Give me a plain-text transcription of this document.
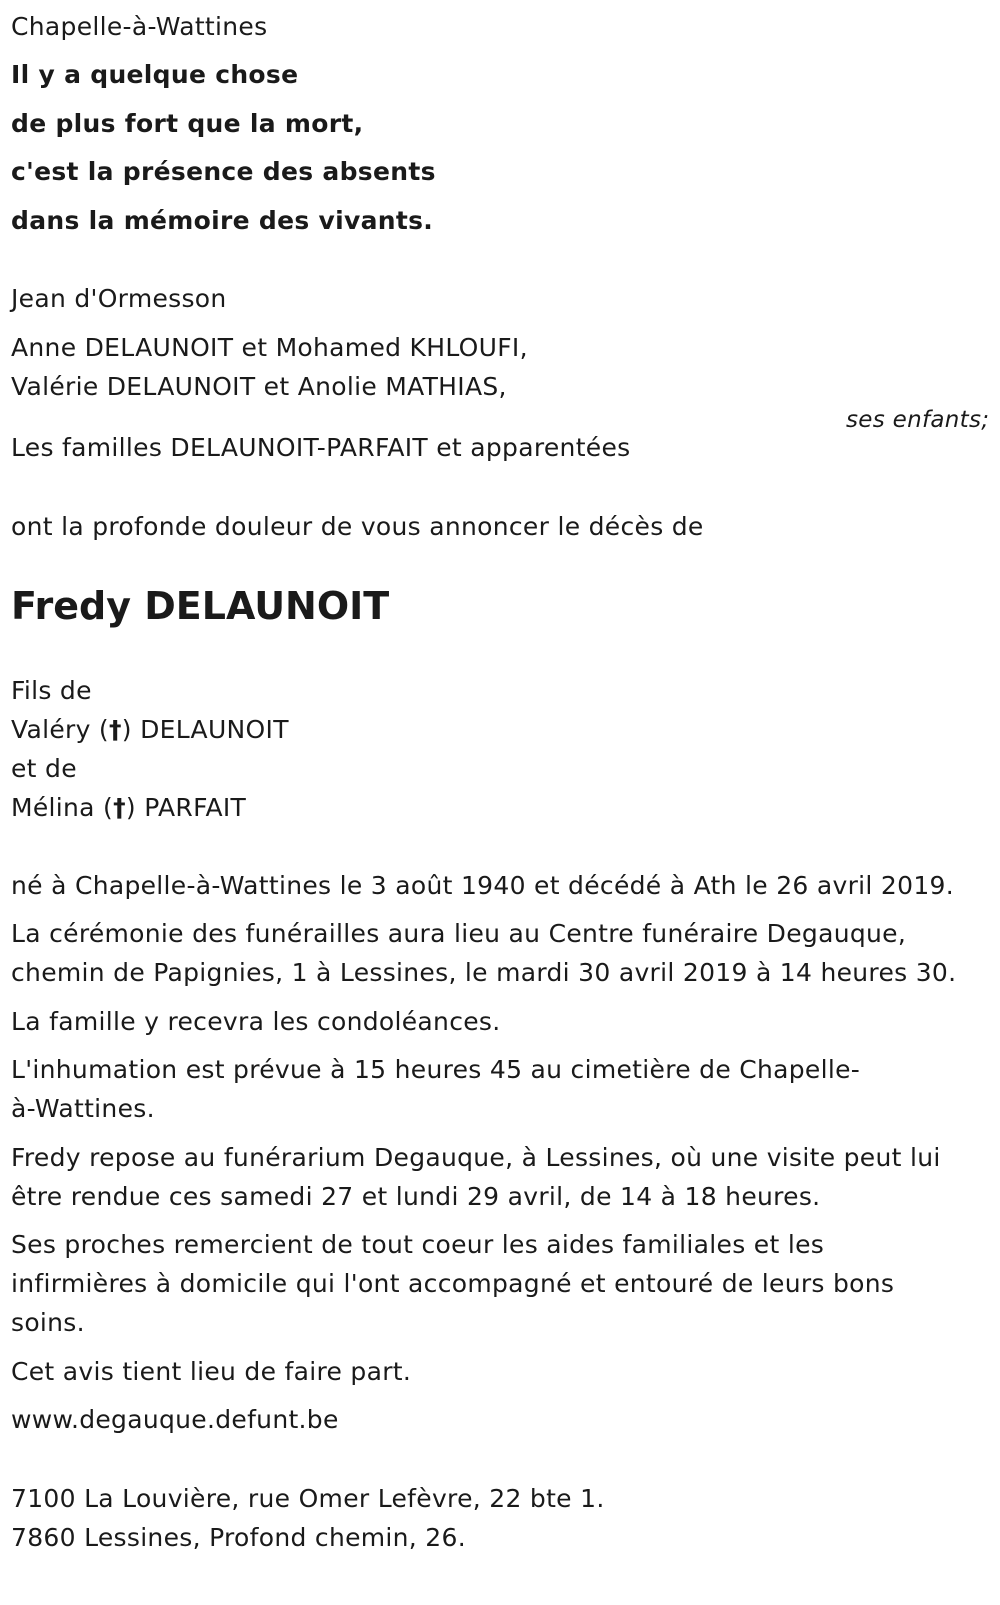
Chapelle-à-Wattines
Il y a quelque chose
de plus fort que la mort,
c'est la présence des absents
dans la mémoire des vivants.
Jean d'Ormesson
Anne DELAUNOIT et Mohamed KHLOUFI,
Valérie DELAUNOIT et Anolie MATHIAS,
ses enfants;
Les familles DELAUNOIT-PARFAIT et apparentées
ont la profonde douleur de vous annoncer le décès de
Fredy DELAUNOIT
Fils de
Valéry (†) DELAUNOIT
et de
Mélina (†) PARFAIT
né à Chapelle-à-Wattines le 3 août 1940 et décédé à Ath le 26 avril 2019.
La cérémonie des funérailles aura lieu au Centre funéraire Degauque,
chemin de Papignies, 1 à Lessines, le mardi 30 avril 2019 à 14 heures 30.
La famille y recevra les condoléances.
L'inhumation est prévue à 15 heures 45 au cimetière de Chapelle-
à-Wattines.
Fredy repose au funérarium Degauque, à Lessines, où une visite peut lui
être rendue ces samedi 27 et lundi 29 avril, de 14 à 18 heures.
Ses proches remercient de tout coeur les aides familiales et les
infirmières à domicile qui l'ont accompagné et entouré de leurs bons
soins.
Cet avis tient lieu de faire part.
www.degauque.defunt.be
7100 La Louvière, rue Omer Lefèvre, 22 bte 1.
7860 Lessines, Profond chemin, 26.
